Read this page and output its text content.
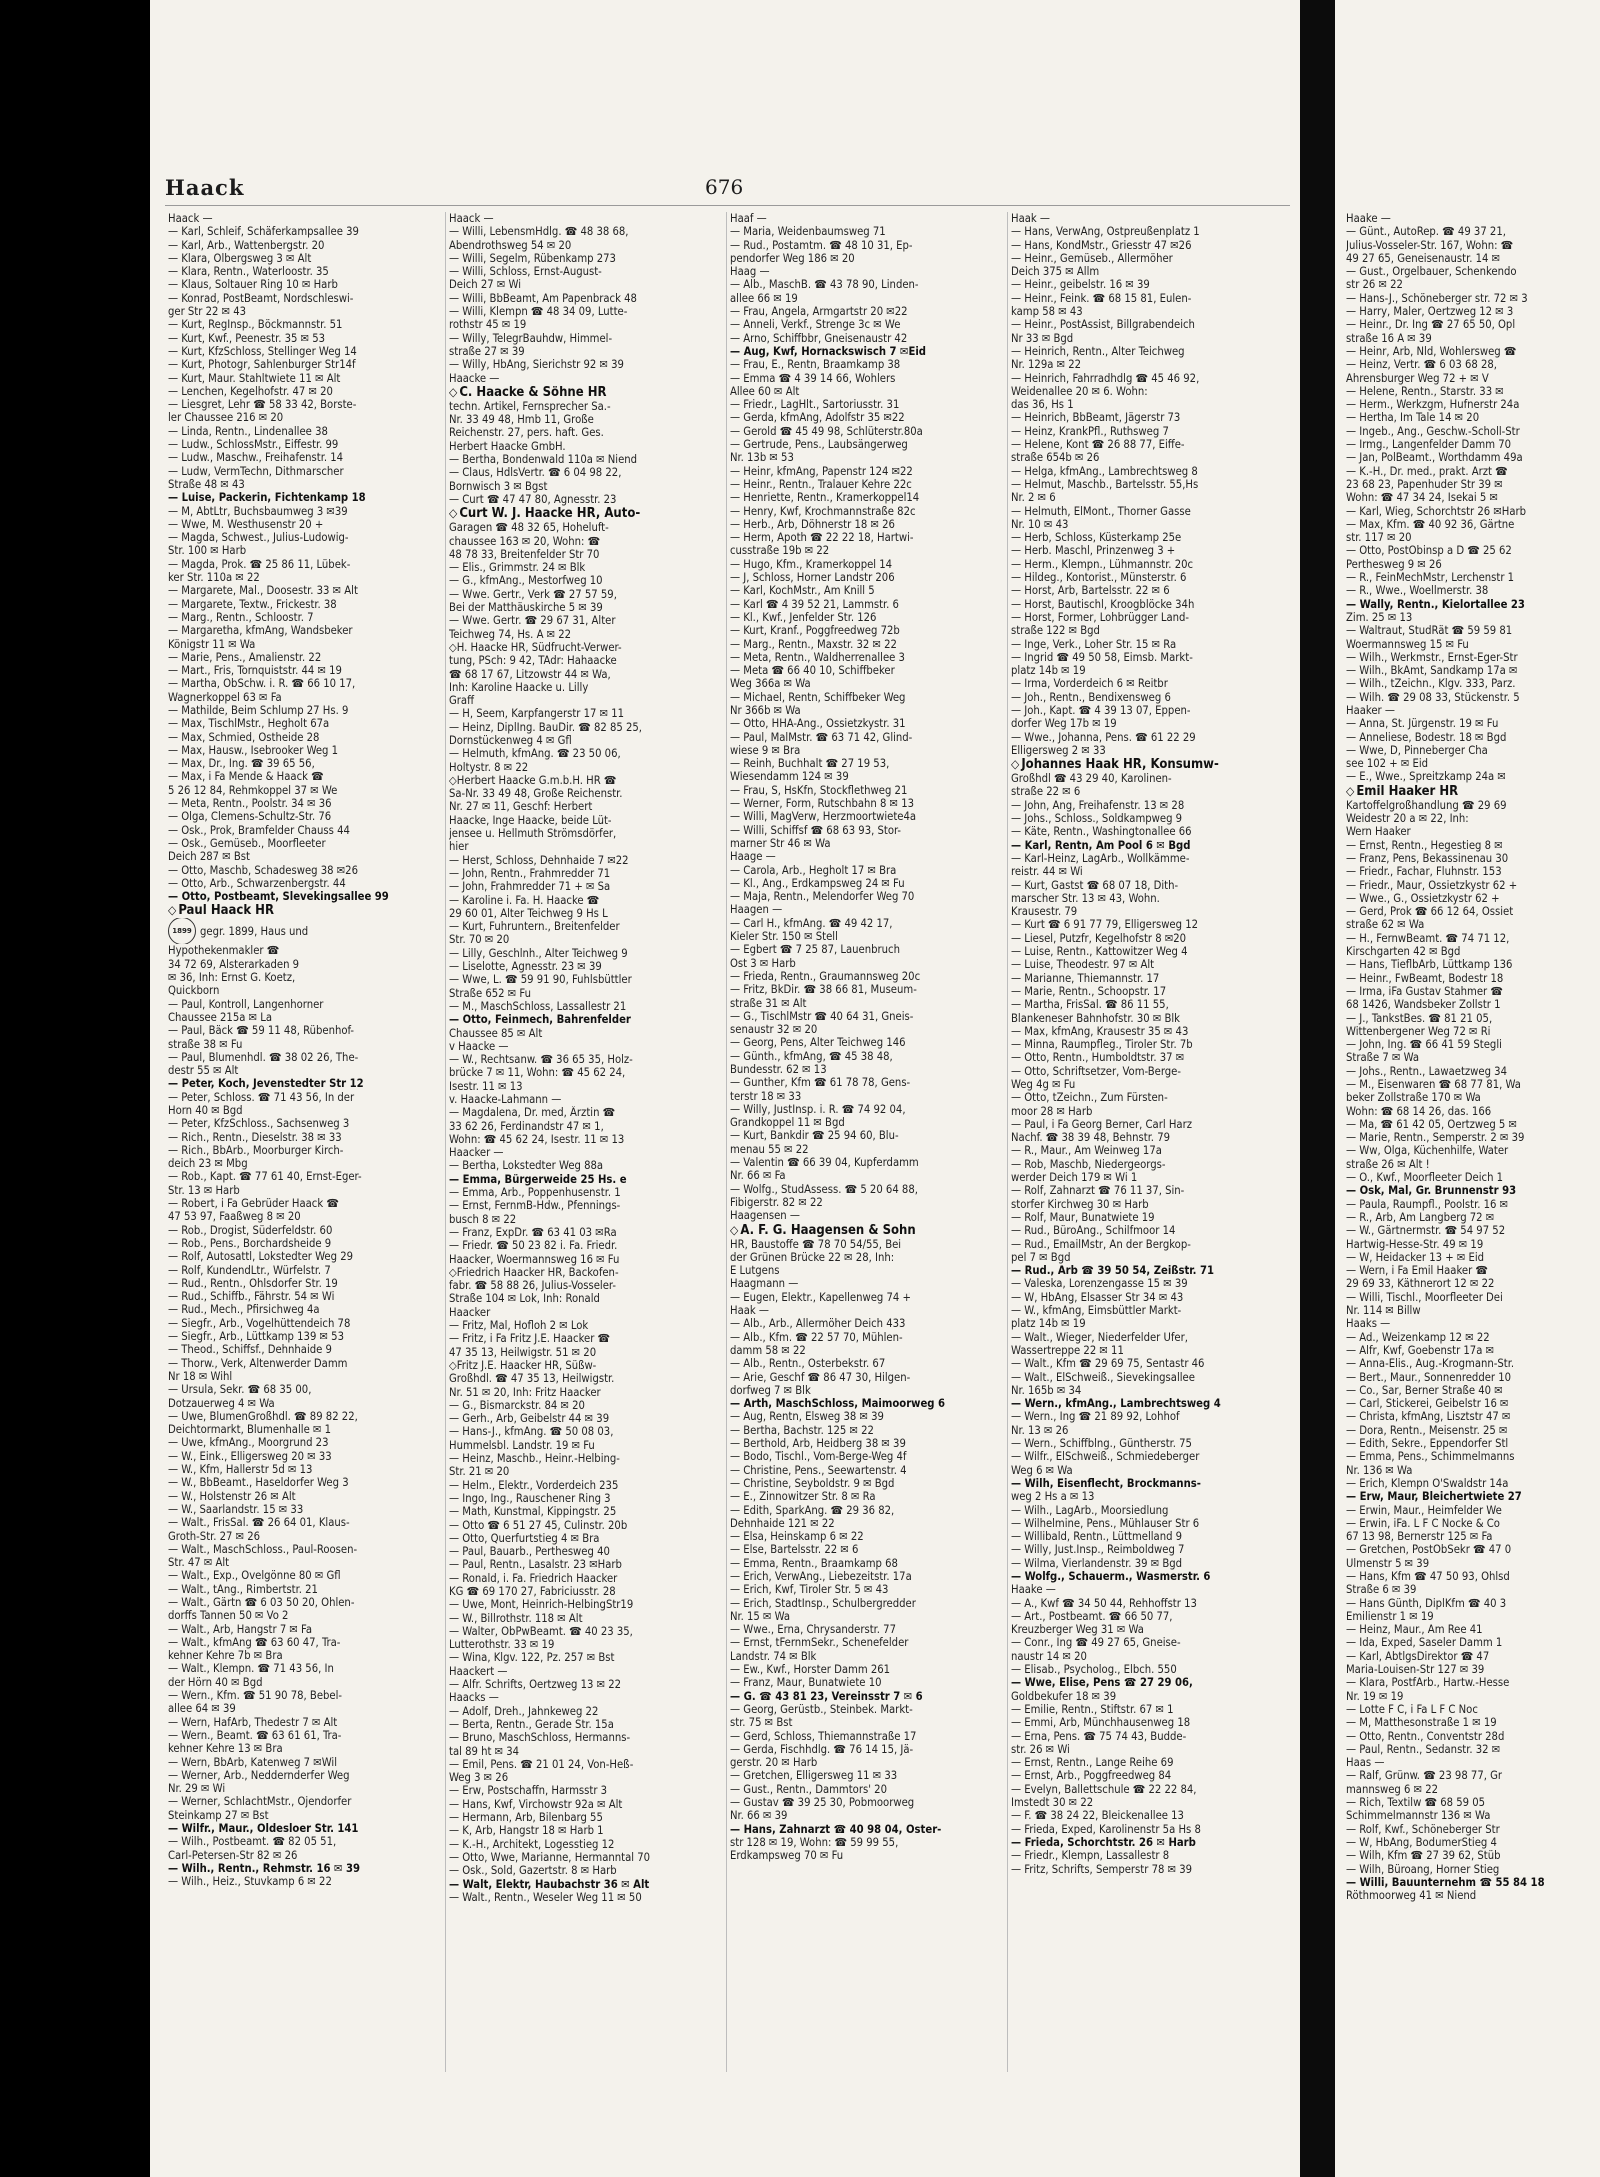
Haake —
— Günt., AutoRep. ☎ 49 37 21,
Julius-Vosseler-Str. 167, Wohn: ☎
49 27 65, Geneisenaustr. 14 ✉
— Gust., Orgelbauer, Schenkendo
str 26 ✉ 22
— Hans-J., Schöneberger str. 72 ✉ 3
— Harry, Maler, Oertzweg 12 ✉ 3
— Heinr., Dr. Ing ☎ 27 65 50, Opl
straße 16 A ✉ 39
— Heinr, Arb, Nld, Wohlersweg ☎
— Heinz, Vertr. ☎ 6 03 68 28,
Ahrensburger Weg 72 + ✉ V
— Helene, Rentn., Starstr. 33 ✉
— Herm., Werkzgm, Hufnerstr 24a
— Hertha, Im Tale 14 ✉ 20
— Ingeb., Ang., Geschw.-Scholl-Str
— Irmg., Langenfelder Damm 70
— Jan, PolBeamt., Worthdamm 49a
— K.-H., Dr. med., prakt. Arzt ☎
23 68 23, Papenhuder Str 39 ✉
Wohn: ☎ 47 34 24, Isekai 5 ✉
— Karl, Wieg, Schorchtstr 26 ✉Harb
— Max, Kfm. ☎ 40 92 36, Gärtne
str. 117 ✉ 20
— Otto, PostObinsp a D ☎ 25 62
Perthesweg 9 ✉ 26
— R., FeinMechMstr, Lerchenstr 1
— R., Wwe., Woellmerstr. 38
— Wally, Rentn., Kielortallee 23
Zim. 25 ✉ 13
— Waltraut, StudRät ☎ 59 59 81
Woermannsweg 15 ✉ Fu
— Wilh., Werkmstr., Ernst-Eger-Str
— Wilh., BkAmt, Sandkamp 17a ✉
— Wilh., tZeichn., Klgv. 333, Parz.
— Wilh. ☎ 29 08 33, Stückenstr. 5
Haaker —
— Anna, St. Jürgenstr. 19 ✉ Fu
— Anneliese, Bodestr. 18 ✉ Bgd
— Wwe, D, Pinneberger Cha
see 102 + ✉ Eid
— E., Wwe., Spreitzkamp 24a ✉
◇ Emil Haaker HR
Kartoffelgroßhandlung ☎ 29 69
Weidestr 20 a ✉ 22, Inh:
Wern Haaker
— Ernst, Rentn., Hegestieg 8 ✉
— Franz, Pens, Bekassinenau 30
— Friedr., Fachar, Fluhnstr. 153
— Friedr., Maur, Ossietzkystr 62 +
— Wwe., G., Ossietzkystr 62 +
— Gerd, Prok ☎ 66 12 64, Ossiet
straße 62 ✉ Wa
— H., FernwBeamt. ☎ 74 71 12,
Kirschgarten 42 ✉ Bgd
— Hans, TieflbArb, Lüttkamp 136
— Heinr., FwBeamt, Bodestr 18
— Irma, iFa Gustav Stahmer ☎
68 1426, Wandsbeker Zollstr 1
— J., TankstBes. ☎ 81 21 05,
Wittenbergener Weg 72 ✉ Ri
— John, Ing. ☎ 66 41 59 Stegli
Straße 7 ✉ Wa
— Johs., Rentn., Lawaetzweg 34
— M., Eisenwaren ☎ 68 77 81, Wa
beker Zollstraße 170 ✉ Wa
Wohn: ☎ 68 14 26, das. 166
— Ma, ☎ 61 42 05, Oertzweg 5 ✉
— Marie, Rentn., Semperstr. 2 ✉ 39
— Ww, Olga, Küchenhilfe, Water
straße 26 ✉ Alt !
— O., Kwf., Moorfleeter Deich 1
— Osk, Mal, Gr. Brunnenstr 93
— Paula, Raumpfl., Poolstr. 16 ✉
— R., Arb, Am Langberg 72 ✉
— W., Gärtnermstr. ☎ 54 97 52
Hartwig-Hesse-Str. 49 ✉ 19
— W, Heidacker 13 + ✉ Eid
— Wern, i Fa Emil Haaker ☎
29 69 33, Käthnerort 12 ✉ 22
— Willi, Tischl., Moorfleeter Dei
Nr. 114 ✉ Billw
Haaks —
— Ad., Weizenkamp 12 ✉ 22
— Alfr, Kwf, Goebenstr 17a ✉
— Anna-Elis., Aug.-Krogmann-Str.
— Bert., Maur., Sonnenredder 10
— Co., Sar, Berner Straße 40 ✉
— Carl, Stickerei, Geibelstr 16 ✉
— Christa, kfmAng, Lisztstr 47 ✉
— Dora, Rentn., Meisenstr. 25 ✉
— Edith, Sekre., Eppendorfer Stl
— Emma, Pens., Schimmelmanns
Nr. 136 ✉ Wa
— Erich, Klempn O'Swaldstr 14a
— Erw, Maur, Bleichertwiete 27
— Erwin, Maur., Heimfelder We
— Erwin, iFa. L F C Nocke & Co
67 13 98, Bernerstr 125 ✉ Fa
— Gretchen, PostObSekr ☎ 47 0
Ulmenstr 5 ✉ 39
— Hans, Kfm ☎ 47 50 93, Ohlsd
Straße 6 ✉ 39
— Hans Günth, DiplKfm ☎ 40 3
Emilienstr 1 ✉ 19
— Heinz, Maur., Am Ree 41
— Ida, Exped, Saseler Damm 1
— Karl, AbtlgsDirektor ☎ 47
Maria-Louisen-Str 127 ✉ 39
— Klara, PostfArb., Hartw.-Hesse
Nr. 19 ✉ 19
— Lotte F C, i Fa L F C Noc
— M, Matthesonstraße 1 ✉ 19
— Otto, Rentn., Conventstr 28d
— Paul, Rentn., Sedanstr. 32 ✉
Haas —
— Ralf, Grünw. ☎ 23 98 77, Gr
mannsweg 6 ✉ 22
— Rich, Textilw ☎ 68 59 05
Schimmelmannstr 136 ✉ Wa
— Rolf, Kwf., Schöneberger Str
— W, HbAng, BodumerStieg 4
— Wilh, Kfm ☎ 27 39 62, Stüb
— Wilh, Büroang, Horner Stieg
— Willi, Bauunternehm ☎ 55 84 18
Röthmoorweg 41 ✉ Niend
Haack	676
Haack —
— Karl, Schleif, Schäferkampsallee 39
— Karl, Arb., Wattenbergstr. 20
— Klara, Olbergsweg 3 ✉ Alt
— Klara, Rentn., Waterloostr. 35
— Klaus, Soltauer Ring 10 ✉ Harb
— Konrad, PostBeamt, Nordschleswi-
ger Str 22 ✉ 43
— Kurt, RegInsp., Böckmannstr. 51
— Kurt, Kwf., Peenestr. 35 ✉ 53
— Kurt, KfzSchloss, Stellinger Weg 14
— Kurt, Photogr, Sahlenburger Str14f
— Kurt, Maur. Stahltwiete 11 ✉ Alt
— Lenchen, Kegelhofstr. 47 ✉ 20
— Liesgret, Lehr ☎ 58 33 42, Borste-
ler Chaussee 216 ✉ 20
— Linda, Rentn., Lindenallee 38
— Ludw., SchlossMstr., Eiffestr. 99
— Ludw., Maschw., Freihafenstr. 14
— Ludw, VermTechn, Dithmarscher
Straße 48 ✉ 43
— Luise, Packerin, Fichtenkamp 18
— M, AbtLtr, Buchsbaumweg 3 ✉39
— Wwe, M. Westhusenstr 20 +
— Magda, Schwest., Julius-Ludowig-
Str. 100 ✉ Harb
— Magda, Prok. ☎ 25 86 11, Lübek-
ker Str. 110a ✉ 22
— Margarete, Mal., Doosestr. 33 ✉ Alt
— Margarete, Textw., Frickestr. 38
— Marg., Rentn., Schloostr. 7
— Margaretha, kfmAng, Wandsbeker
Königstr 11 ✉ Wa
— Marie, Pens., Amalienstr. 22
— Mart., Fris, Tornquiststr. 44 ✉ 19
— Martha, ObSchw. i. R. ☎ 66 10 17,
Wagnerkoppel 63 ✉ Fa
— Mathilde, Beim Schlump 27 Hs. 9
— Max, TischlMstr., Hegholt 67a
— Max, Schmied, Ostheide 28
— Max, Hausw., Isebrooker Weg 1
— Max, Dr., Ing. ☎ 39 65 56,
— Max, i Fa Mende & Haack ☎
5 26 12 84, Rehmkoppel 37 ✉ We
— Meta, Rentn., Poolstr. 34 ✉ 36
— Olga, Clemens-Schultz-Str. 76
— Osk., Prok, Bramfelder Chauss 44
— Osk., Gemüseb., Moorfleeter
Deich 287 ✉ Bst
— Otto, Maschb, Schadesweg 38 ✉26
— Otto, Arb., Schwarzenbergstr. 44
— Otto, Postbeamt, Slevekingsallee 99
◇ Paul Haack HR
1899 gegr. 1899, Haus und
Hypothekenmakler ☎
34 72 69, Alsterarkaden 9
✉ 36, Inh: Ernst G. Koetz,
Quickborn
— Paul, Kontroll, Langenhorner
Chaussee 215a ✉ La
— Paul, Bäck ☎ 59 11 48, Rübenhof-
straße 38 ✉ Fu
— Paul, Blumenhdl. ☎ 38 02 26, The-
destr 55 ✉ Alt
— Peter, Koch, Jevenstedter Str 12
— Peter, Schloss. ☎ 71 43 56, In der
Horn 40 ✉ Bgd
— Peter, KfzSchloss., Sachsenweg 3
— Rich., Rentn., Dieselstr. 38 ✉ 33
— Rich., BbArb., Moorburger Kirch-
deich 23 ✉ Mbg
— Rob., Kapt. ☎ 77 61 40, Ernst-Eger-
Str. 13 ✉ Harb
— Robert, i Fa Gebrüder Haack ☎
47 53 97, Faaßweg 8 ✉ 20
— Rob., Drogist, Süderfeldstr. 60
— Rob., Pens., Borchardsheide 9
— Rolf, Autosattl, Lokstedter Weg 29
— Rolf, KundendLtr., Würfelstr. 7
— Rud., Rentn., Ohlsdorfer Str. 19
— Rud., Schiffb., Fährstr. 54 ✉ Wi
— Rud., Mech., Pfirsichweg 4a
— Siegfr., Arb., Vogelhüttendeich 78
— Siegfr., Arb., Lüttkamp 139 ✉ 53
— Theod., Schiffsf., Dehnhaide 9
— Thorw., Verk, Altenwerder Damm
Nr 18 ✉ Wihl
— Ursula, Sekr. ☎ 68 35 00,
Dotzauerweg 4 ✉ Wa
— Uwe, BlumenGroßhdl. ☎ 89 82 22,
Deichtormarkt, Blumenhalle ✉ 1
— Uwe, kfmAng., Moorgrund 23
— W., Eink., Elligersweg 20 ✉ 33
— W., Kfm, Hallerstr 5d ✉ 13
— W., BbBeamt., Haseldorfer Weg 3
— W., Holstenstr 26 ✉ Alt
— W., Saarlandstr. 15 ✉ 33
— Walt., FrisSal. ☎ 26 64 01, Klaus-
Groth-Str. 27 ✉ 26
— Walt., MaschSchloss., Paul-Roosen-
Str. 47 ✉ Alt
— Walt., Exp., Ovelgönne 80 ✉ Gfl
— Walt., tAng., Rimbertstr. 21
— Walt., Gärtn ☎ 6 03 50 20, Ohlen-
dorffs Tannen 50 ✉ Vo 2
— Walt., Arb, Hangstr 7 ✉ Fa
— Walt., kfmAng ☎ 63 60 47, Tra-
kehner Kehre 7b ✉ Bra
— Walt., Klempn. ☎ 71 43 56, In
der Hörn 40 ✉ Bgd
— Wern., Kfm. ☎ 51 90 78, Bebel-
allee 64 ✉ 39
— Wern, HafArb, Thedestr 7 ✉ Alt
— Wern., Beamt. ☎ 63 61 61, Tra-
kehner Kehre 13 ✉ Bra
— Wern, BbArb, Katenweg 7 ✉Wil
— Werner, Arb., Neddernderfer Weg
Nr. 29 ✉ Wi
— Werner, SchlachtMstr., Ojendorfer
Steinkamp 27 ✉ Bst
— Wilfr., Maur., Oldesloer Str. 141
— Wilh., Postbeamt. ☎ 82 05 51,
Carl-Petersen-Str 82 ✉ 26
— Wilh., Rentn., Rehmstr. 16 ✉ 39
— Wilh., Heiz., Stuvkamp 6 ✉ 22
Haack —
— Willi, LebensmHdlg. ☎ 48 38 68,
Abendrothsweg 54 ✉ 20
— Willi, Segelm, Rübenkamp 273
— Willi, Schloss, Ernst-August-
Deich 27 ✉ Wi
— Willi, BbBeamt, Am Papenbrack 48
— Willi, Klempn ☎ 48 34 09, Lutte-
rothstr 45 ✉ 19
— Willy, TelegrBauhdw, Himmel-
straße 27 ✉ 39
— Willy, HbAng, Sierichstr 92 ✉ 39
Haacke —
◇ C. Haacke & Söhne HR
techn. Artikel, Fernsprecher Sa.-
Nr. 33 49 48, Hmb 11, Große
Reichenstr. 27, pers. haft. Ges.
Herbert Haacke GmbH.
— Bertha, Bondenwald 110a ✉ Niend
— Claus, HdlsVertr. ☎ 6 04 98 22,
Bornwisch 3 ✉ Bgst
— Curt ☎ 47 47 80, Agnesstr. 23
◇ Curt W. J. Haacke HR, Auto-
Garagen ☎ 48 32 65, Hoheluft-
chaussee 163 ✉ 20, Wohn: ☎
48 78 33, Breitenfelder Str 70
— Elis., Grimmstr. 24 ✉ Blk
— G., kfmAng., Mestorfweg 10
— Wwe. Gertr., Verk ☎ 27 57 59,
Bei der Matthäuskirche 5 ✉ 39
— Wwe. Gertr. ☎ 29 67 31, Alter
Teichweg 74, Hs. A ✉ 22
◇H. Haacke HR, Südfrucht-Verwer-
tung, PSch: 9 42, TAdr: Hahaacke
☎ 68 17 67, Litzowstr 44 ✉ Wa,
Inh: Karoline Haacke u. Lilly
Graff
— H, Seem, Karpfangerstr 17 ✉ 11
— Heinz, DiplIng. BauDir. ☎ 82 85 25,
Dornstückenweg 4 ✉ Gfl
— Helmuth, kfmAng. ☎ 23 50 06,
Holtystr. 8 ✉ 22
◇Herbert Haacke G.m.b.H. HR ☎
Sa-Nr. 33 49 48, Große Reichenstr.
Nr. 27 ✉ 11, Geschf: Herbert
Haacke, Inge Haacke, beide Lüt-
jensee u. Hellmuth Strömsdörfer,
hier
— Herst, Schloss, Dehnhaide 7 ✉22
— John, Rentn., Frahmredder 71
— John, Frahmredder 71 + ✉ Sa
— Karoline i. Fa. H. Haacke ☎
29 60 01, Alter Teichweg 9 Hs L
— Kurt, Fuhruntern., Breitenfelder
Str. 70 ✉ 20
— Lilly, Geschlnh., Alter Teichweg 9
— Liselotte, Agnesstr. 23 ✉ 39
— Wwe, L. ☎ 59 91 90, Fuhlsbüttler
Straße 652 ✉ Fu
— M., MaschSchloss, Lassallestr 21
— Otto, Feinmech, Bahrenfelder
Chaussee 85 ✉ Alt
v Haacke —
— W., Rechtsanw. ☎ 36 65 35, Holz-
brücke 7 ✉ 11, Wohn: ☎ 45 62 24,
Isestr. 11 ✉ 13
v. Haacke-Lahmann —
— Magdalena, Dr. med, Ärztin ☎
33 62 26, Ferdinandstr 47 ✉ 1,
Wohn: ☎ 45 62 24, Isestr. 11 ✉ 13
Haacker —
— Bertha, Lokstedter Weg 88a
— Emma, Bürgerweide 25 Hs. e
— Emma, Arb., Poppenhusenstr. 1
— Ernst, FernmB-Hdw., Pfennings-
busch 8 ✉ 22
— Franz, ExpDr. ☎ 63 41 03 ✉Ra
— Friedr. ☎ 50 23 82 i. Fa. Friedr.
Haacker, Woermannsweg 16 ✉ Fu
◇Friedrich Haacker HR, Backofen-
fabr. ☎ 58 88 26, Julius-Vosseler-
Straße 104 ✉ Lok, Inh: Ronald
Haacker
— Fritz, Mal, Hofloh 2 ✉ Lok
— Fritz, i Fa Fritz J.E. Haacker ☎
47 35 13, Heilwigstr. 51 ✉ 20
◇Fritz J.E. Haacker HR, Süßw-
Großhdl. ☎ 47 35 13, Heilwigstr.
Nr. 51 ✉ 20, Inh: Fritz Haacker
— G., Bismarckstr. 84 ✉ 20
— Gerh., Arb, Geibelstr 44 ✉ 39
— Hans-J., kfmAng. ☎ 50 08 03,
Hummelsbl. Landstr. 19 ✉ Fu
— Heinz, Maschb., Heinr.-Helbing-
Str. 21 ✉ 20
— Helm., Elektr., Vorderdeich 235
— Ingo, Ing., Rauschener Ring 3
— Math, Kunstmal, Kippingstr. 25
— Otto ☎ 6 51 27 45, Culinstr. 20b
— Otto, Querfurtstieg 4 ✉ Bra
— Paul, Bauarb., Perthesweg 40
— Paul, Rentn., Lasalstr. 23 ✉Harb
— Ronald, i. Fa. Friedrich Haacker
KG ☎ 69 170 27, Fabriciusstr. 28
— Uwe, Mont, Heinrich-HelbingStr19
— W., Billrothstr. 118 ✉ Alt
— Walter, ObPwBeamt. ☎ 40 23 35,
Lutterothstr. 33 ✉ 19
— Wina, Klgv. 122, Pz. 257 ✉ Bst
Haackert —
— Alfr. Schrifts, Oertzweg 13 ✉ 22
Haacks —
— Adolf, Dreh., Jahnkeweg 22
— Berta, Rentn., Gerade Str. 15a
— Bruno, MaschSchloss, Hermanns-
tal 89 ht ✉ 34
— Emil, Pens. ☎ 21 01 24, Von-Heß-
Weg 3 ✉ 26
— Erw, Postschaffn, Harmsstr 3
— Hans, Kwf, Virchowstr 92a ✉ Alt
— Hermann, Arb, Bilenbarg 55
— K, Arb, Hangstr 18 ✉ Harb 1
— K.-H., Architekt, Logesstieg 12
— Otto, Wwe, Marianne, Hermanntal 70
— Osk., Sold, Gazertstr. 8 ✉ Harb
— Walt, Elektr, Haubachstr 36 ✉ Alt
— Walt., Rentn., Weseler Weg 11 ✉ 50
Haaf —
— Maria, Weidenbaumsweg 71
— Rud., Postamtm. ☎ 48 10 31, Ep-
pendorfer Weg 186 ✉ 20
Haag —
— Alb., MaschB. ☎ 43 78 90, Linden-
allee 66 ✉ 19
— Frau, Angela, Armgartstr 20 ✉22
— Anneli, Verkf., Strenge 3c ✉ We
— Arno, Schiffbbr, Gneisenaustr 42
— Aug, Kwf, Hornackswisch 7 ✉Eid
— Frau, E., Rentn, Braamkamp 38
— Emma ☎ 4 39 14 66, Wohlers
Allee 60 ✉ Alt
— Friedr., LagHlt., Sartoriusstr. 31
— Gerda, kfmAng, Adolfstr 35 ✉22
— Gerold ☎ 45 49 98, Schlüterstr.80a
— Gertrude, Pens., Laubsängerweg
Nr. 13b ✉ 53
— Heinr, kfmAng, Papenstr 124 ✉22
— Heinr., Rentn., Tralauer Kehre 22c
— Henriette, Rentn., Kramerkoppel14
— Henry, Kwf, Krochmannstraße 82c
— Herb., Arb, Döhnerstr 18 ✉ 26
— Herm, Apoth ☎ 22 22 18, Hartwi-
cusstraße 19b ✉ 22
— Hugo, Kfm., Kramerkoppel 14
— J, Schloss, Horner Landstr 206
— Karl, KochMstr., Am Knill 5
— Karl ☎ 4 39 52 21, Lammstr. 6
— Kl., Kwf., Jenfelder Str. 126
— Kurt, Kranf., Poggfreedweg 72b
— Marg., Rentn., Maxstr. 32 ✉ 22
— Meta, Rentn., Waldherrenallee 3
— Meta ☎ 66 40 10, Schiffbeker
Weg 366a ✉ Wa
— Michael, Rentn, Schiffbeker Weg
Nr 366b ✉ Wa
— Otto, HHA-Ang., Ossietzkystr. 31
— Paul, MalMstr. ☎ 63 71 42, Glind-
wiese 9 ✉ Bra
— Reinh, Buchhalt ☎ 27 19 53,
Wiesendamm 124 ✉ 39
— Frau, S, HsKfn, Stockflethweg 21
— Werner, Form, Rutschbahn 8 ✉ 13
— Willi, MagVerw, Herzmoortwiete4a
— Willi, Schiffsf ☎ 68 63 93, Stor-
marner Str 46 ✉ Wa
Haage —
— Carola, Arb., Hegholt 17 ✉ Bra
— Kl., Ang., Erdkampsweg 24 ✉ Fu
— Maja, Rentn., Melendorfer Weg 70
Haagen —
— Carl H., kfmAng. ☎ 49 42 17,
Kieler Str. 150 ✉ Stell
— Egbert ☎ 7 25 87, Lauenbruch
Ost 3 ✉ Harb
— Frieda, Rentn., Graumannsweg 20c
— Fritz, BkDir. ☎ 38 66 81, Museum-
straße 31 ✉ Alt
— G., TischlMstr ☎ 40 64 31, Gneis-
senaustr 32 ✉ 20
— Georg, Pens, Alter Teichweg 146
— Günth., kfmAng, ☎ 45 38 48,
Bundesstr. 62 ✉ 13
— Gunther, Kfm ☎ 61 78 78, Gens-
terstr 18 ✉ 33
— Willy, JustInsp. i. R. ☎ 74 92 04,
Grandkoppel 11 ✉ Bgd
— Kurt, Bankdir ☎ 25 94 60, Blu-
menau 55 ✉ 22
— Valentin ☎ 66 39 04, Kupferdamm
Nr. 66 ✉ Fa
— Wolfg., StudAssess. ☎ 5 20 64 88,
Fibigerstr. 82 ✉ 22
Haagensen —
◇ A. F. G. Haagensen & Sohn
HR, Baustoffe ☎ 78 70 54/55, Bei
der Grünen Brücke 22 ✉ 28, Inh:
E Lutgens
Haagmann —
— Eugen, Elektr., Kapellenweg 74 +
Haak —
— Alb., Arb., Allermöher Deich 433
— Alb., Kfm. ☎ 22 57 70, Mühlen-
damm 58 ✉ 22
— Alb., Rentn., Osterbekstr. 67
— Arie, Geschf ☎ 86 47 30, Hilgen-
dorfweg 7 ✉ Blk
— Arth, MaschSchloss, Maimoorweg 6
— Aug, Rentn, Elsweg 38 ✉ 39
— Bertha, Bachstr. 125 ✉ 22
— Berthold, Arb, Heidberg 38 ✉ 39
— Bodo, Tischl., Vom-Berge-Weg 4f
— Christine, Pens., Seewartenstr. 4
— Christine, Seyboldstr. 9 ✉ Bgd
— E., Zinnowitzer Str. 8 ✉ Ra
— Edith, SparkAng. ☎ 29 36 82,
Dehnhaide 121 ✉ 22
— Elsa, Heinskamp 6 ✉ 22
— Else, Bartelsstr. 22 ✉ 6
— Emma, Rentn., Braamkamp 68
— Erich, VerwAng., Liebezeitstr. 17a
— Erich, Kwf, Tiroler Str. 5 ✉ 43
— Erich, StadtInsp., Schulbergredder
Nr. 15 ✉ Wa
— Wwe., Erna, Chrysanderstr. 77
— Ernst, tFernmSekr., Schenefelder
Landstr. 74 ✉ Blk
— Ew., Kwf., Horster Damm 261
— Franz, Maur, Bunatwiete 10
— G. ☎ 43 81 23, Vereinsstr 7 ✉ 6
— Georg, Gerüstb., Steinbek. Markt-
str. 75 ✉ Bst
— Gerd, Schloss, Thiemannstraße 17
— Gerda, Fischhdlg. ☎ 76 14 15, Jä-
gerstr. 20 ✉ Harb
— Gretchen, Elligersweg 11 ✉ 33
— Gust., Rentn., Dammtors' 20
— Gustav ☎ 39 25 30, Pobmoorweg
Nr. 66 ✉ 39
— Hans, Zahnarzt ☎ 40 98 04, Oster-
str 128 ✉ 19, Wohn: ☎ 59 99 55,
Erdkampsweg 70 ✉ Fu
Haak —
— Hans, VerwAng, Ostpreußenplatz 1
— Hans, KondMstr., Griesstr 47 ✉26
— Heinr., Gemüseb., Allermöher
Deich 375 ✉ Allm
— Heinr., geibelstr. 16 ✉ 39
— Heinr., Feink. ☎ 68 15 81, Eulen-
kamp 58 ✉ 43
— Heinr., PostAssist, Billgrabendeich
Nr 33 ✉ Bgd
— Heinrich, Rentn., Alter Teichweg
Nr. 129a ✉ 22
— Heinrich, Fahrradhdlg ☎ 45 46 92,
Weidenallee 20 ✉ 6. Wohn:
das 36, Hs 1
— Heinrich, BbBeamt, Jägerstr 73
— Heinz, KrankPfl., Ruthsweg 7
— Helene, Kont ☎ 26 88 77, Eiffe-
straße 654b ✉ 26
— Helga, kfmAng., Lambrechtsweg 8
— Helmut, Maschb., Bartelsstr. 55,Hs
Nr. 2 ✉ 6
— Helmuth, ElMont., Thorner Gasse
Nr. 10 ✉ 43
— Herb, Schloss, Küsterkamp 25e
— Herb. Maschl, Prinzenweg 3 +
— Herm., Klempn., Lühmannstr. 20c
— Hildeg., Kontorist., Münsterstr. 6
— Horst, Arb, Bartelsstr. 22 ✉ 6
— Horst, Bautischl, Kroogblöcke 34h
— Horst, Former, Lohbrügger Land-
straße 122 ✉ Bgd
— Inge, Verk., Loher Str. 15 ✉ Ra
— Ingrid ☎ 49 50 58, Eimsb. Markt-
platz 14b ✉ 19
— Irma, Vorderdeich 6 ✉ Reitbr
— Joh., Rentn., Bendixensweg 6
— Joh., Kapt. ☎ 4 39 13 07, Eppen-
dorfer Weg 17b ✉ 19
— Wwe., Johanna, Pens. ☎ 61 22 29
Elligersweg 2 ✉ 33
◇ Johannes Haak HR, Konsumw-
Großhdl ☎ 43 29 40, Karolinen-
straße 22 ✉ 6
— John, Ang, Freihafenstr. 13 ✉ 28
— Johs., Schloss., Soldkampweg 9
— Käte, Rentn., Washingtonallee 66
— Karl, Rentn, Am Pool 6 ✉ Bgd
— Karl-Heinz, LagArb., Wollkämme-
reistr. 44 ✉ Wi
— Kurt, Gastst ☎ 68 07 18, Dith-
marscher Str. 13 ✉ 43, Wohn.
Krausestr. 79
— Kurt ☎ 6 91 77 79, Elligersweg 12
— Liesel, Putzfr, Kegelhofstr 8 ✉20
— Luise, Rentn., Kattowitzer Weg 4
— Luise, Theodestr. 97 ✉ Alt
— Marianne, Thiemannstr. 17
— Marie, Rentn., Schoopstr. 17
— Martha, FrisSal. ☎ 86 11 55,
Blankeneser Bahnhofstr. 30 ✉ Blk
— Max, kfmAng, Krausestr 35 ✉ 43
— Minna, Raumpfleg., Tiroler Str. 7b
— Otto, Rentn., Humboldtstr. 37 ✉
— Otto, Schriftsetzer, Vom-Berge-
Weg 4g ✉ Fu
— Otto, tZeichn., Zum Fürsten-
moor 28 ✉ Harb
— Paul, i Fa Georg Berner, Carl Harz
Nachf. ☎ 38 39 48, Behnstr. 79
— R., Maur., Am Weinweg 17a
— Rob, Maschb, Niedergeorgs-
werder Deich 179 ✉ Wi 1
— Rolf, Zahnarzt ☎ 76 11 37, Sin-
storfer Kirchweg 30 ✉ Harb
— Rolf, Maur, Bunatwiete 19
— Rud., BüroAng., Schilfmoor 14
— Rud., EmailMstr, An der Bergkop-
pel 7 ✉ Bgd
— Rud., Arb ☎ 39 50 54, Zeißstr. 71
— Valeska, Lorenzengasse 15 ✉ 39
— W, HbAng, Elsasser Str 34 ✉ 43
— W., kfmAng, Eimsbüttler Markt-
platz 14b ✉ 19
— Walt., Wieger, Niederfelder Ufer,
Wassertreppe 22 ✉ 11
— Walt., Kfm ☎ 29 69 75, Sentastr 46
— Walt., ElSchweiß., Sievekingsallee
Nr. 165b ✉ 34
— Wern., kfmAng., Lambrechtsweg 4
— Wern., Ing ☎ 21 89 92, Lohhof
Nr. 13 ✉ 26
— Wern., Schiffblng., Güntherstr. 75
— Wilfr., ElSchweiß., Schmiedeberger
Weg 6 ✉ Wa
— Wilh, Eisenflecht, Brockmanns-
weg 2 Hs a ✉ 13
— Wilh., LagArb., Moorsiedlung
— Wilhelmine, Pens., Mühlauser Str 6
— Willibald, Rentn., Lüttmelland 9
— Willy, Just.Insp., Reimboldweg 7
— Wilma, Vierlandenstr. 39 ✉ Bgd
— Wolfg., Schauerm., Wasmerstr. 6
Haake —
— A., Kwf ☎ 34 50 44, Rehhoffstr 13
— Art., Postbeamt. ☎ 66 50 77,
Kreuzberger Weg 31 ✉ Wa
— Conr., Ing ☎ 49 27 65, Gneise-
naustr 14 ✉ 20
— Elisab., Psycholog., Elbch. 550
— Wwe, Elise, Pens ☎ 27 29 06,
Goldbekufer 18 ✉ 39
— Emilie, Rentn., Stiftstr. 67 ✉ 1
— Emmi, Arb, Münchhausenweg 18
— Erna, Pens. ☎ 75 74 43, Budde-
str. 26 ✉ Wi
— Ernst, Rentn., Lange Reihe 69
— Ernst, Arb., Poggfreedweg 84
— Evelyn, Ballettschule ☎ 22 22 84,
Imstedt 30 ✉ 22
— F. ☎ 38 24 22, Bleickenallee 13
— Frieda, Exped, Karolinenstr 5a Hs 8
— Frieda, Schorchtstr. 26 ✉ Harb
— Friedr., Klempn, Lassallestr 8
— Fritz, Schrifts, Semperstr 78 ✉ 39
